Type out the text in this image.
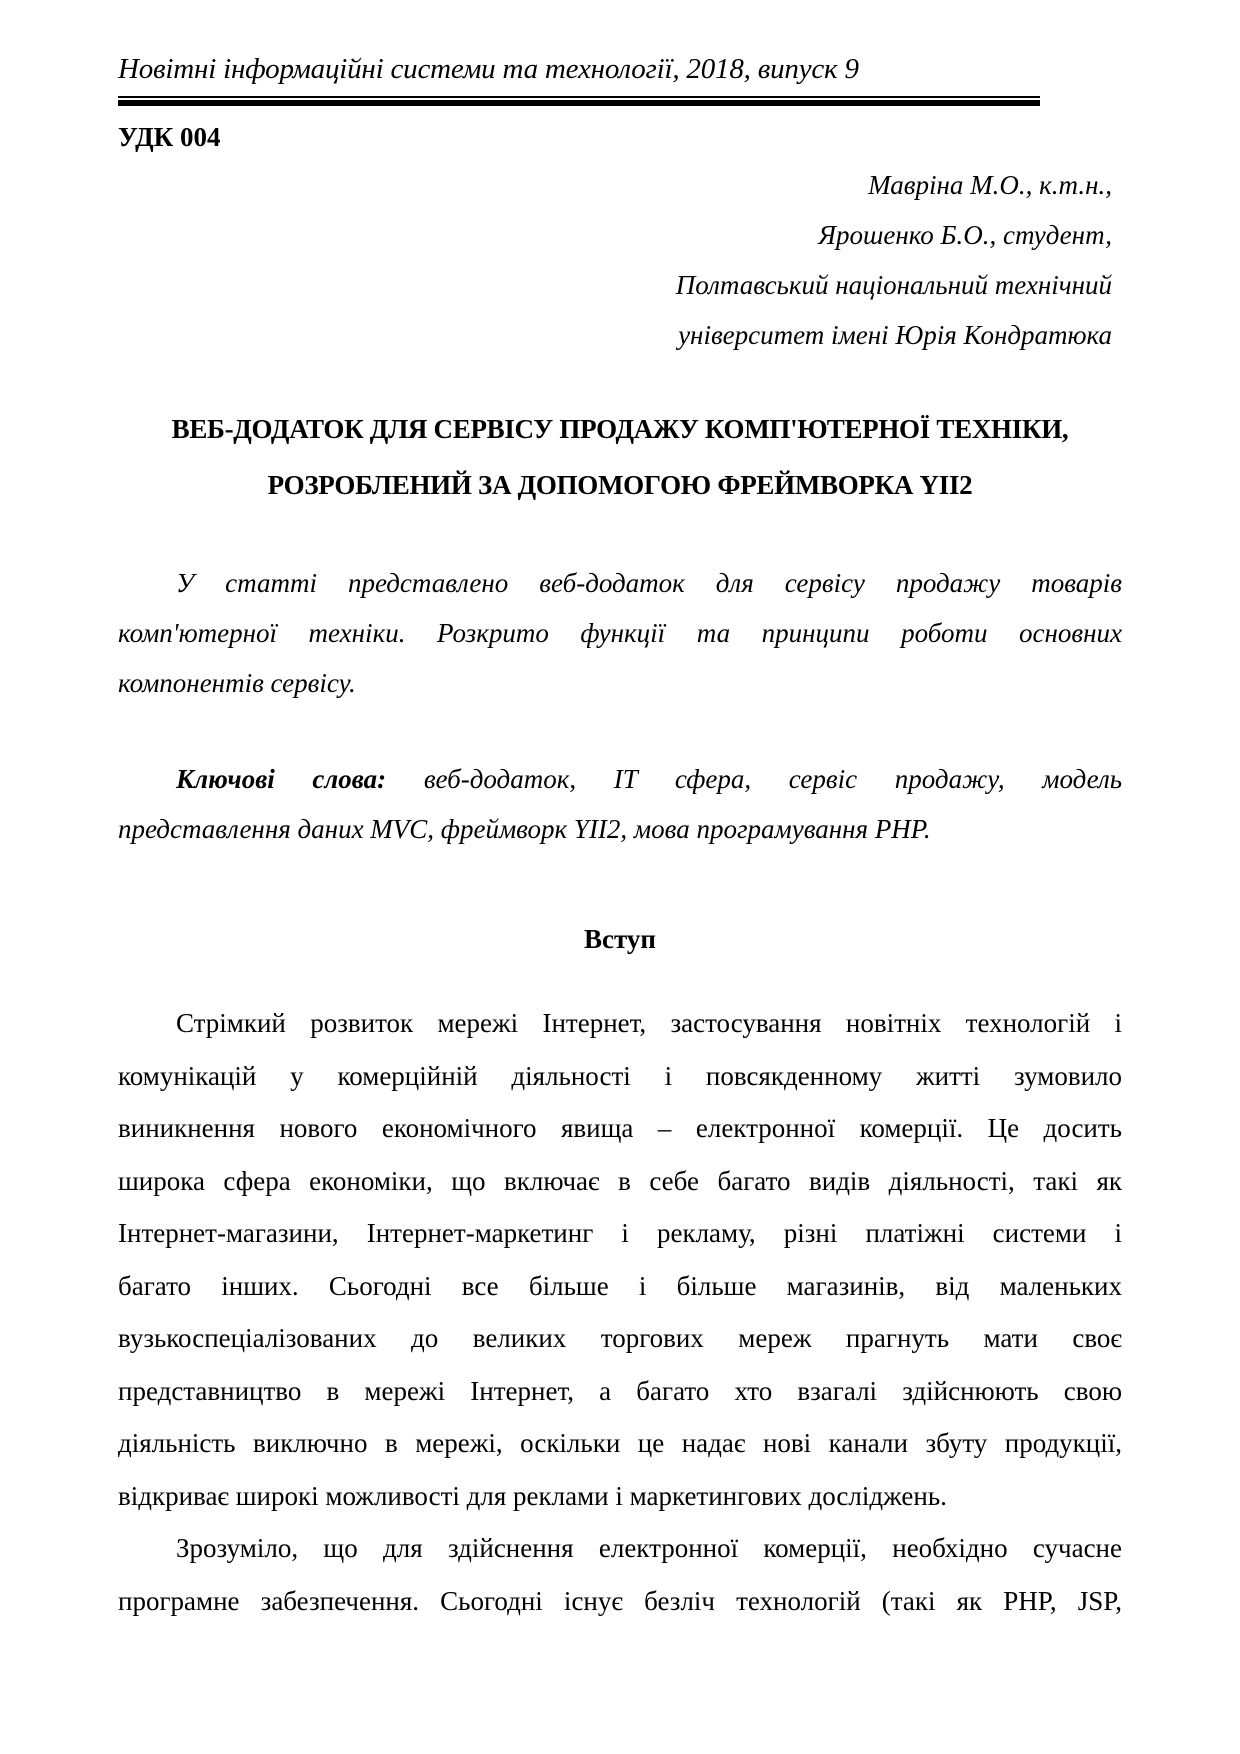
Новітні інформаційні системи та технології, 2018, випуск 9
УДК 004
Мавріна М.О., к.т.н.,
Ярошенко Б.О., студент,
Полтавський національний технічний
університет імені Юрія Кондратюка
ВЕБ-ДОДАТОК ДЛЯ СЕРВІСУ ПРОДАЖУ КОМП'ЮТЕРНОЇ ТЕХНІКИ,
РОЗРОБЛЕНИЙ ЗА ДОПОМОГОЮ ФРЕЙМВОРКА YII2
У статті представлено веб-додаток для сервісу продажу товарів
комп'ютерної техніки. Розкрито функції та принципи роботи основних
компонентів сервісу.
Ключові слова: веб-додаток, IT сфера, сервіс продажу, модель
представлення даних MVC, фреймворк YII2, мова програмування PHP.
Вступ
Стрімкий розвиток мережі Інтернет, застосування новітніх технологій і
комунікацій у комерційній діяльності і повсякденному житті зумовило
виникнення нового економічного явища – електронної комерції. Це досить
широка сфера економіки, що включає в себе багато видів діяльності, такі як
Інтернет-магазини, Інтернет-маркетинг і рекламу, різні платіжні системи і
багато інших. Сьогодні все більше і більше магазинів, від маленьких
вузькоспеціалізованих до великих торгових мереж прагнуть мати своє
представництво в мережі Інтернет, а багато хто взагалі здійснюють свою
діяльність виключно в мережі, оскільки це надає нові канали збуту продукції,
відкриває широкі можливості для реклами і маркетингових досліджень.
Зрозуміло, що для здійснення електронної комерції, необхідно сучасне
програмне забезпечення. Сьогодні існує безліч технологій (такі як PHP, JSP,
